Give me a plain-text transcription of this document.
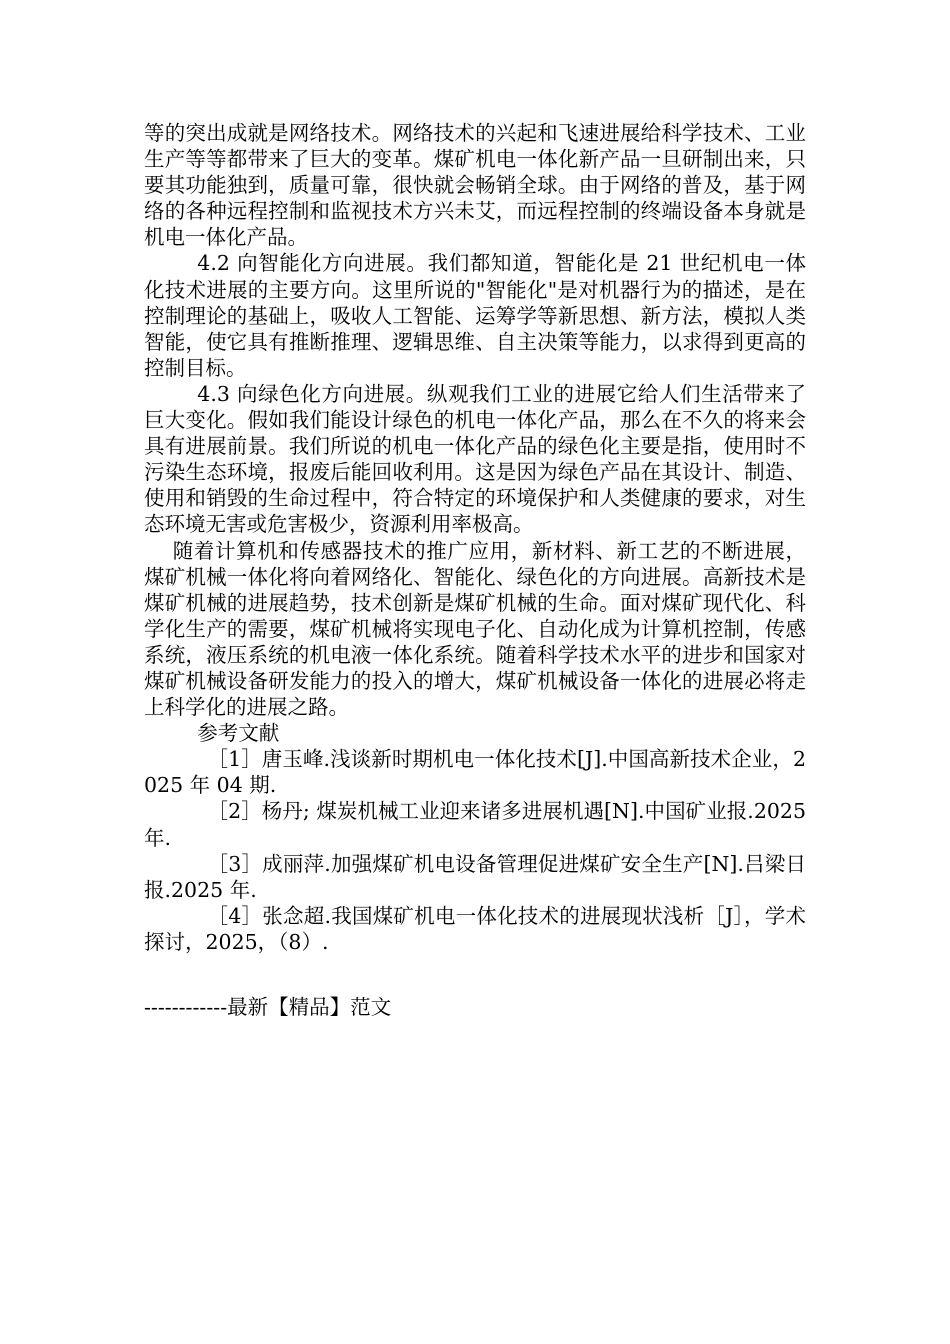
等的突出成就是网络技术。网络技术的兴起和飞速进展给科学技术、工业生产等等都带来了巨大的变革。煤矿机电一体化新产品一旦研制出来，只要其功能独到，质量可靠，很快就会畅销全球。由于网络的普及，基于网络的各种远程控制和监视技术方兴未艾，而远程控制的终端设备本身就是机电一体化产品。

4.2 向智能化方向进展。我们都知道，智能化是 21 世纪机电一体化技术进展的主要方向。这里所说的"智能化"是对机器行为的描述，是在控制理论的基础上，吸收人工智能、运筹学等新思想、新方法，模拟人类智能，使它具有推断推理、逻辑思维、自主决策等能力，以求得到更高的控制目标。

4.3 向绿色化方向进展。纵观我们工业的进展它给人们生活带来了巨大变化。假如我们能设计绿色的机电一体化产品，那么在不久的将来会具有进展前景。我们所说的机电一体化产品的绿色化主要是指，使用时不污染生态环境，报废后能回收利用。这是因为绿色产品在其设计、制造、使用和销毁的生命过程中，符合特定的环境保护和人类健康的要求，对生态环境无害或危害极少，资源利用率极高。

随着计算机和传感器技术的推广应用，新材料、新工艺的不断进展，煤矿机械一体化将向着网络化、智能化、绿色化的方向进展。高新技术是煤矿机械的进展趋势，技术创新是煤矿机械的生命。面对煤矿现代化、科学化生产的需要，煤矿机械将实现电子化、自动化成为计算机控制，传感系统，液压系统的机电液一体化系统。随着科学技术水平的进步和国家对煤矿机械设备研发能力的投入的增大，煤矿机械设备一体化的进展必将走上科学化的进展之路。

参考文献

［1］唐玉峰.浅谈新时期机电一体化技术[J].中国高新技术企业，2025 年 04 期.

［2］杨丹; 煤炭机械工业迎来诸多进展机遇[N].中国矿业报.2025 年.

［3］成丽萍.加强煤矿机电设备管理促进煤矿安全生产[N].吕梁日报.2025 年.

［4］张念超.我国煤矿机电一体化技术的进展现状浅析［J］，学术探讨，2025，（8）.

------------最新【精品】范文
